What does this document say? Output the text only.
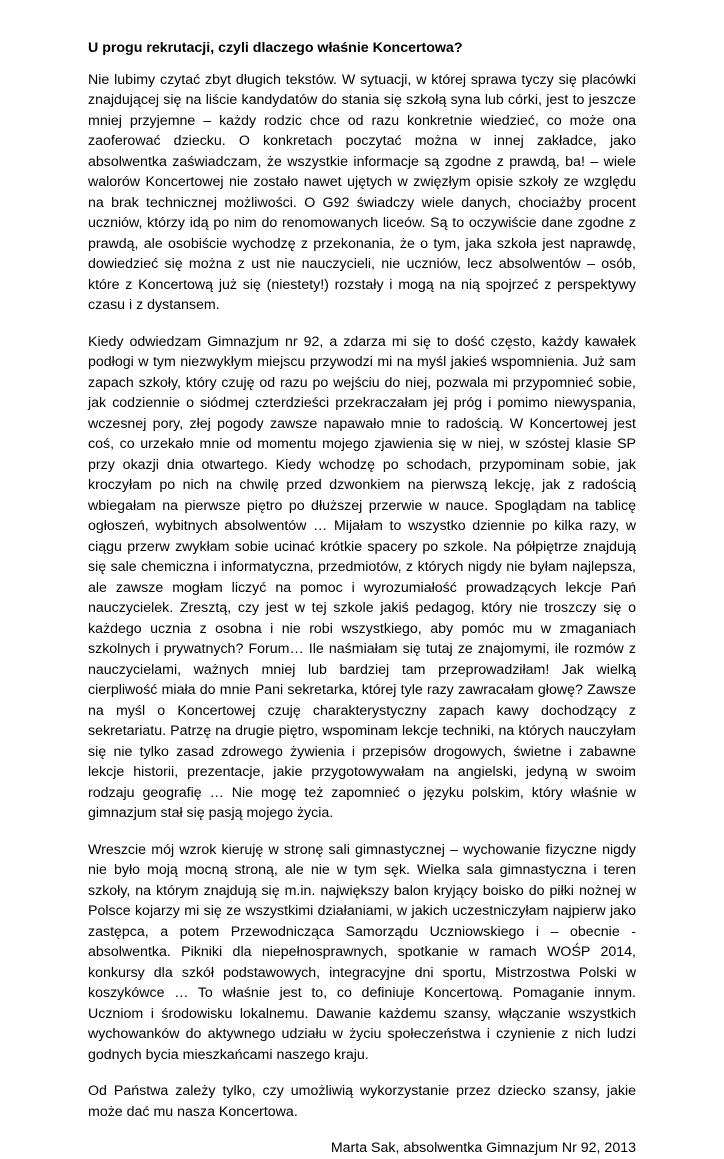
U progu rekrutacji, czyli dlaczego właśnie Koncertowa?

Nie lubimy czytać zbyt długich tekstów. W sytuacji, w której sprawa tyczy się placówki znajdującej się na liście kandydatów do stania się szkołą syna lub córki, jest to jeszcze mniej przyjemne – każdy rodzic chce od razu konkretnie wiedzieć, co może ona zaoferować dziecku. O konkretach poczytać można w innej zakładce, jako absolwentka zaświadczam, że wszystkie informacje są zgodne z prawdą, ba! – wiele walorów Koncertowej nie zostało nawet ujętych w zwięzłym opisie szkoły ze względu na brak technicznej możliwości. O G92 świadczy wiele danych, chociażby procent uczniów, którzy idą po nim do renomowanych liceów. Są to oczywiście dane zgodne z prawdą, ale osobiście wychodzę z przekonania, że o tym, jaka szkoła jest naprawdę, dowiedzieć się można z ust nie nauczycieli, nie uczniów, lecz absolwentów – osób, które z Koncertową już się (niestety!) rozstały i mogą na nią spojrzeć z perspektywy czasu i z dystansem.

Kiedy odwiedzam Gimnazjum nr 92, a zdarza mi się to dość często, każdy kawałek podłogi w tym niezwykłym miejscu przywodzi mi na myśl jakieś wspomnienia. Już sam zapach szkoły, który czuję od razu po wejściu do niej, pozwala mi przypomnieć sobie, jak codziennie o siódmej czterdzieści przekraczałam jej próg i pomimo niewyspania, wczesnej pory, złej pogody zawsze napawało mnie to radością. W Koncertowej jest coś, co urzekało mnie od momentu mojego zjawienia się w niej, w szóstej klasie SP przy okazji dnia otwartego. Kiedy wchodzę po schodach, przypominam sobie, jak kroczyłam po nich na chwilę przed dzwonkiem na pierwszą lekcję, jak z radością wbiegałam na pierwsze piętro po dłuższej przerwie w nauce. Spoglądam na tablicę ogłoszeń, wybitnych absolwentów … Mijałam to wszystko dziennie po kilka razy, w ciągu przerw zwykłam sobie ucinać krótkie spacery po szkole. Na półpiętrze znajdują się sale chemiczna i informatyczna, przedmiotów, z których nigdy nie byłam najlepsza, ale zawsze mogłam liczyć na pomoc i wyrozumiałość prowadzących lekcje Pań nauczycielek. Zresztą, czy jest w tej szkole jakiś pedagog, który nie troszczy się o każdego ucznia z osobna i nie robi wszystkiego, aby pomóc mu w zmaganiach szkolnych i prywatnych? Forum… Ile naśmiałam się tutaj ze znajomymi, ile rozmów z nauczycielami, ważnych mniej lub bardziej tam przeprowadziłam! Jak wielką cierpliwość miała do mnie Pani sekretarka, której tyle razy zawracałam głowę? Zawsze na myśl o Koncertowej czuję charakterystyczny zapach kawy dochodzący z sekretariatu. Patrzę na drugie piętro, wspominam lekcje techniki, na których nauczyłam się nie tylko zasad zdrowego żywienia i przepisów drogowych, świetne i zabawne lekcje historii, prezentacje, jakie przygotowywałam na angielski, jedyną w swoim rodzaju geografię … Nie mogę też zapomnieć o języku polskim, który właśnie w gimnazjum stał się pasją mojego życia.

Wreszcie mój wzrok kieruję w stronę sali gimnastycznej – wychowanie fizyczne nigdy nie było moją mocną stroną, ale nie w tym sęk. Wielka sala gimnastyczna i teren szkoły, na którym znajdują się m.in. największy balon kryjący boisko do piłki nożnej w Polsce kojarzy mi się ze wszystkimi działaniami, w jakich uczestniczyłam najpierw jako zastępca, a potem Przewodnicząca Samorządu Uczniowskiego i – obecnie - absolwentka. Pikniki dla niepełnosprawnych, spotkanie w ramach WOŚP 2014, konkursy dla szkół podstawowych, integracyjne dni sportu, Mistrzostwa Polski w koszykówce … To właśnie jest to, co definiuje Koncertową. Pomaganie innym. Uczniom i środowisku lokalnemu. Dawanie każdemu szansy, włączanie wszystkich wychowanków do aktywnego udziału w życiu społeczeństwa i czynienie z nich ludzi godnych bycia mieszkańcami naszego kraju.

Od Państwa zależy tylko, czy umożliwią wykorzystanie przez dziecko szansy, jakie może dać mu nasza Koncertowa.

Marta Sak, absolwentka Gimnazjum Nr 92, 2013
